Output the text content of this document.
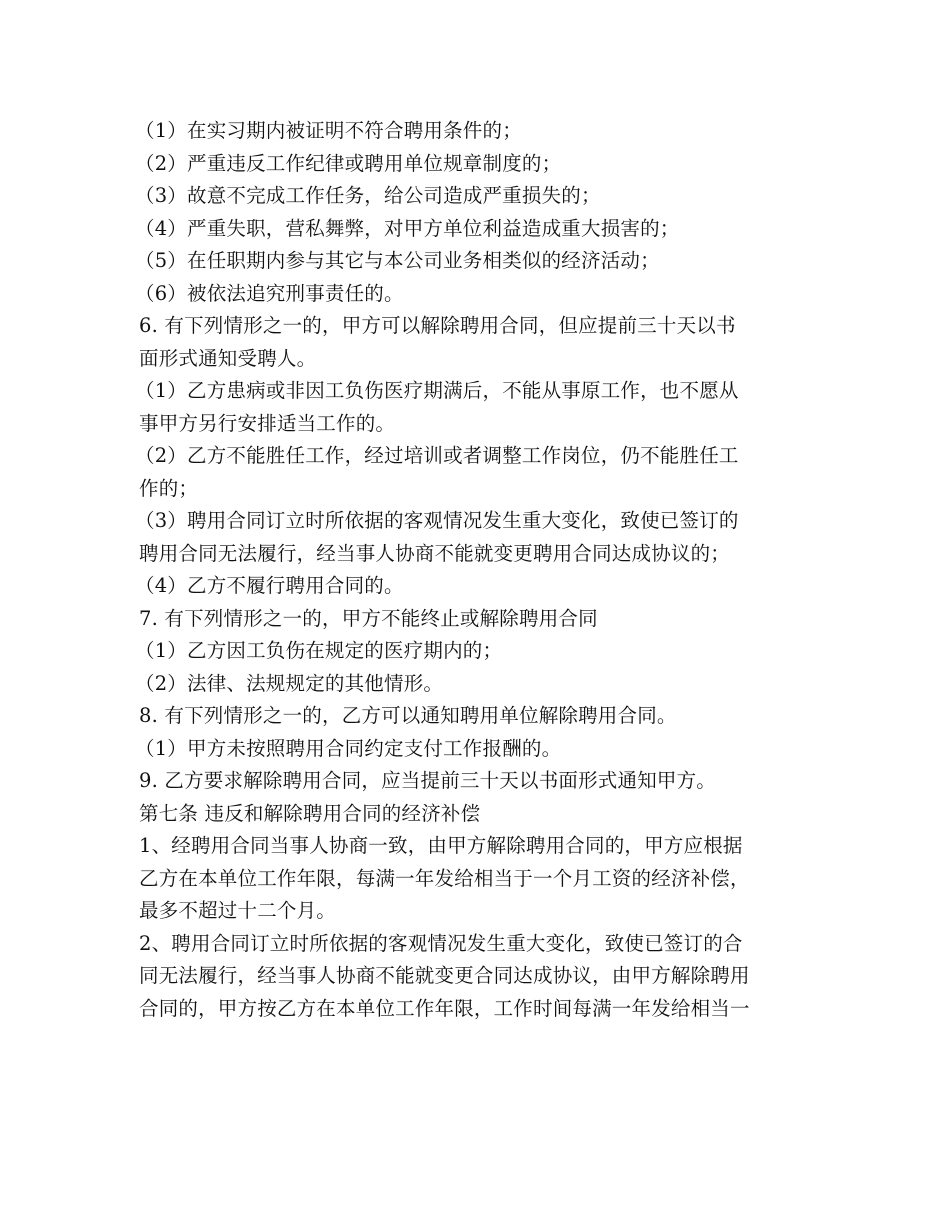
（1）在实习期内被证明不符合聘用条件的；
（2）严重违反工作纪律或聘用单位规章制度的；
（3）故意不完成工作任务，给公司造成严重损失的；
（4）严重失职，营私舞弊，对甲方单位利益造成重大损害的；
（5）在任职期内参与其它与本公司业务相类似的经济活动；
（6）被依法追究刑事责任的。
6. 有下列情形之一的，甲方可以解除聘用合同，但应提前三十天以书
面形式通知受聘人。
（1）乙方患病或非因工负伤医疗期满后，不能从事原工作，也不愿从
事甲方另行安排适当工作的。
（2）乙方不能胜任工作，经过培训或者调整工作岗位，仍不能胜任工
作的；
（3）聘用合同订立时所依据的客观情况发生重大变化，致使已签订的
聘用合同无法履行，经当事人协商不能就变更聘用合同达成协议的；
（4）乙方不履行聘用合同的。
7. 有下列情形之一的，甲方不能终止或解除聘用合同
（1）乙方因工负伤在规定的医疗期内的；
（2）法律、法规规定的其他情形。
8. 有下列情形之一的，乙方可以通知聘用单位解除聘用合同。
（1）甲方未按照聘用合同约定支付工作报酬的。
9. 乙方要求解除聘用合同，应当提前三十天以书面形式通知甲方。
第七条 违反和解除聘用合同的经济补偿
1、经聘用合同当事人协商一致，由甲方解除聘用合同的，甲方应根据
乙方在本单位工作年限，每满一年发给相当于一个月工资的经济补偿，
最多不超过十二个月。
2、聘用合同订立时所依据的客观情况发生重大变化，致使已签订的合
同无法履行，经当事人协商不能就变更合同达成协议，由甲方解除聘用
合同的，甲方按乙方在本单位工作年限，工作时间每满一年发给相当一
